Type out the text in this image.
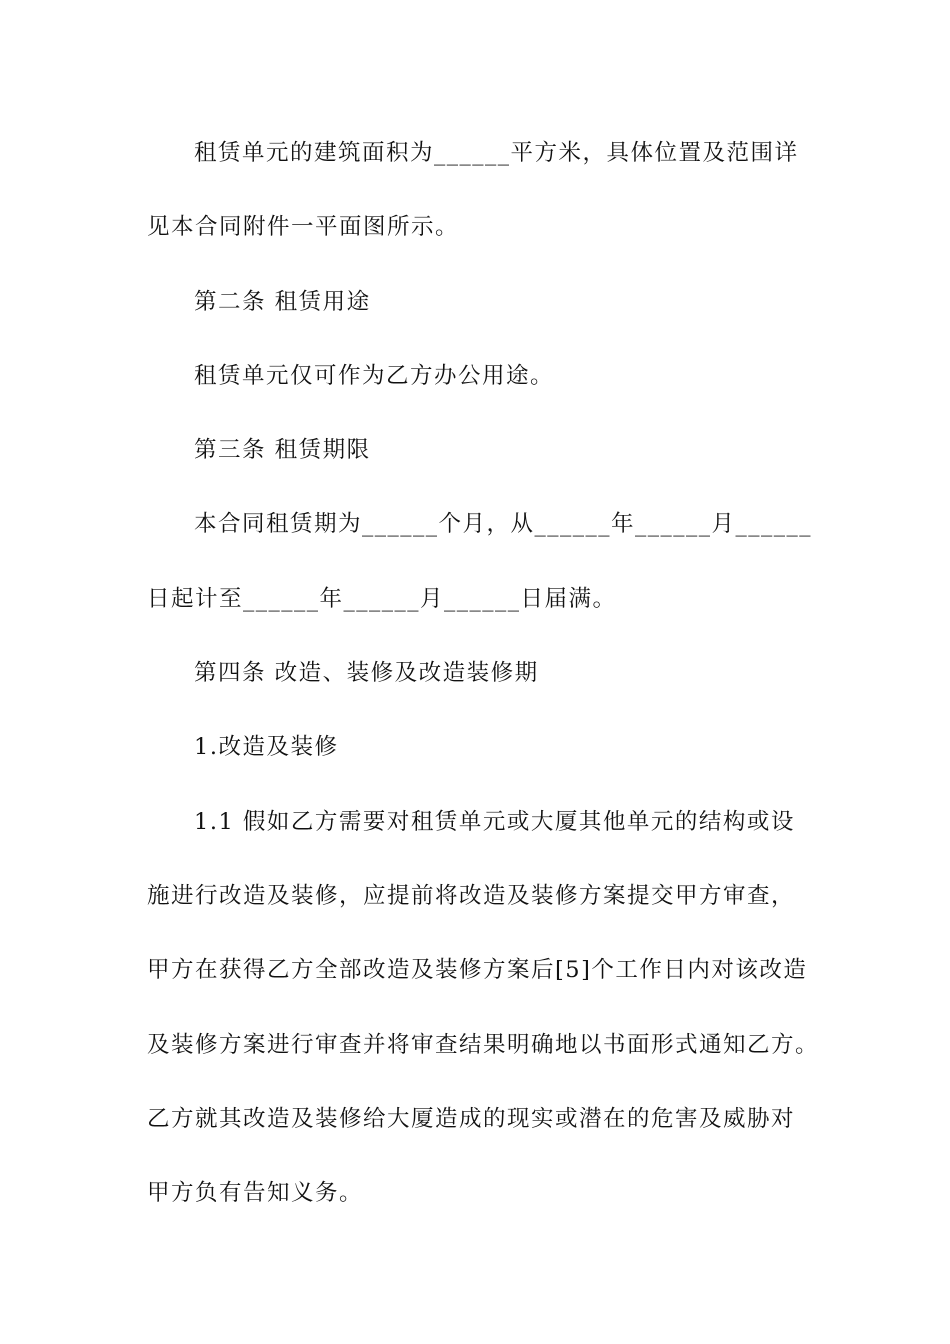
租赁单元的建筑面积为______平方米，具体位置及范围详
见本合同附件一平面图所示。
第二条 租赁用途
租赁单元仅可作为乙方办公用途。
第三条 租赁期限
本合同租赁期为______个月，从______年______月______
日起计至______年______月______日届满。
第四条 改造、装修及改造装修期
1.改造及装修
1.1 假如乙方需要对租赁单元或大厦其他单元的结构或设
施进行改造及装修，应提前将改造及装修方案提交甲方审查，
甲方在获得乙方全部改造及装修方案后[5]个工作日内对该改造
及装修方案进行审查并将审查结果明确地以书面形式通知乙方。
乙方就其改造及装修给大厦造成的现实或潜在的危害及威胁对
甲方负有告知义务。
